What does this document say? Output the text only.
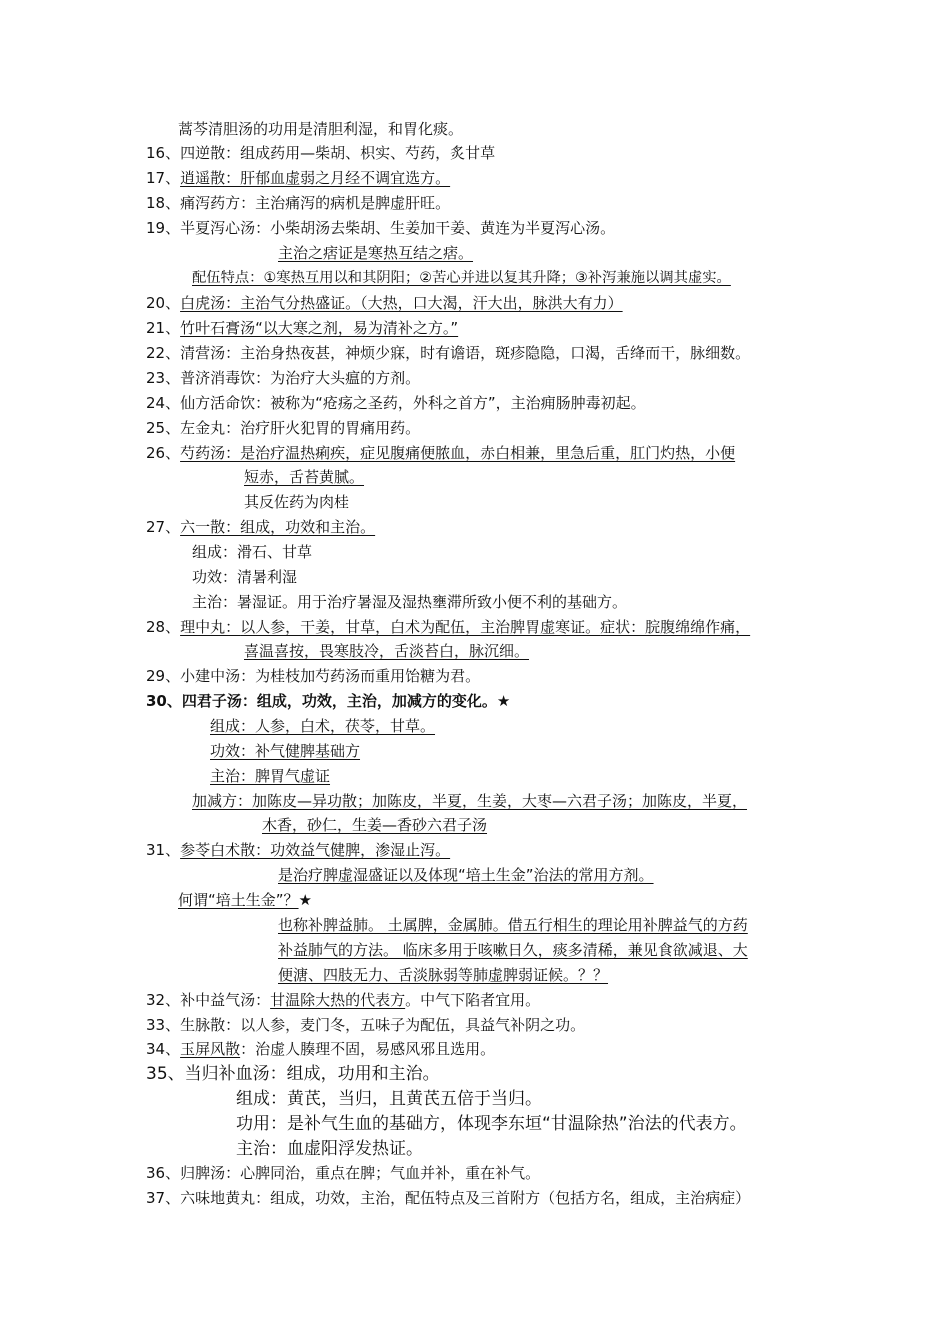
蒿芩清胆汤的功用是清胆利湿，和胃化痰。
16、四逆散：组成药用—柴胡、枳实、芍药，炙甘草
17、逍遥散：肝郁血虚弱之月经不调宜选方。
18、痛泻药方：主治痛泻的病机是脾虚肝旺。
19、半夏泻心汤：小柴胡汤去柴胡、生姜加干姜、黄连为半夏泻心汤。
主治之痞证是寒热互结之痞。
配伍特点：①寒热互用以和其阴阳；②苦心并进以复其升降；③补泻兼施以调其虚实。
20、白虎汤：主治气分热盛证。（大热，口大渴，汗大出，脉洪大有力）
21、竹叶石膏汤“以大寒之剂，易为清补之方。”
22、清营汤：主治身热夜甚，神烦少寐，时有谵语，斑疹隐隐，口渴，舌绛而干，脉细数。
23、普济消毒饮：为治疗大头瘟的方剂。
24、仙方活命饮：被称为“疮疡之圣药，外科之首方”，主治痈肠肿毒初起。
25、左金丸：治疗肝火犯胃的胃痛用药。
26、芍药汤：是治疗温热痢疾，症见腹痛便脓血，赤白相兼，里急后重，肛门灼热，小便
短赤，舌苔黄腻。
其反佐药为肉桂
27、六一散：组成，功效和主治。
组成：滑石、甘草
功效：清暑利湿
主治：暑湿证。用于治疗暑湿及湿热壅滞所致小便不利的基础方。
28、理中丸：以人参，干姜，甘草，白术为配伍，主治脾胃虚寒证。症状：脘腹绵绵作痛，
喜温喜按，畏寒肢冷，舌淡苔白，脉沉细。
29、小建中汤：为桂枝加芍药汤而重用饴糖为君。
30、四君子汤：组成，功效，主治，加减方的变化。★
组成：人参，白术，茯苓，甘草。
功效：补气健脾基础方
主治：脾胃气虚证
加减方：加陈皮—异功散；加陈皮，半夏，生姜，大枣—六君子汤；加陈皮，半夏，
木香，砂仁，生姜—香砂六君子汤
31、参苓白术散：功效益气健脾，渗湿止泻。
是治疗脾虚湿盛证以及体现“培土生金”治法的常用方剂。
何谓“培土生金”？★
也称补脾益肺。 土属脾，金属肺。借五行相生的理论用补脾益气的方药
补益肺气的方法。 临床多用于咳嗽日久，痰多清稀，兼见食欲减退、大
便溏、四肢无力、舌淡脉弱等肺虚脾弱证候。？？
32、补中益气汤：甘温除大热的代表方。中气下陷者宜用。
33、生脉散：以人参，麦门冬，五味子为配伍，具益气补阴之功。
34、玉屏风散：治虚人腠理不固，易感风邪且选用。
35、当归补血汤：组成，功用和主治。
组成：黄芪，当归，且黄芪五倍于当归。
功用：是补气生血的基础方，体现李东垣“甘温除热”治法的代表方。
主治：血虚阳浮发热证。
36、归脾汤：心脾同治，重点在脾；气血并补，重在补气。
37、六味地黄丸：组成，功效，主治，配伍特点及三首附方（包括方名，组成，主治病症）
